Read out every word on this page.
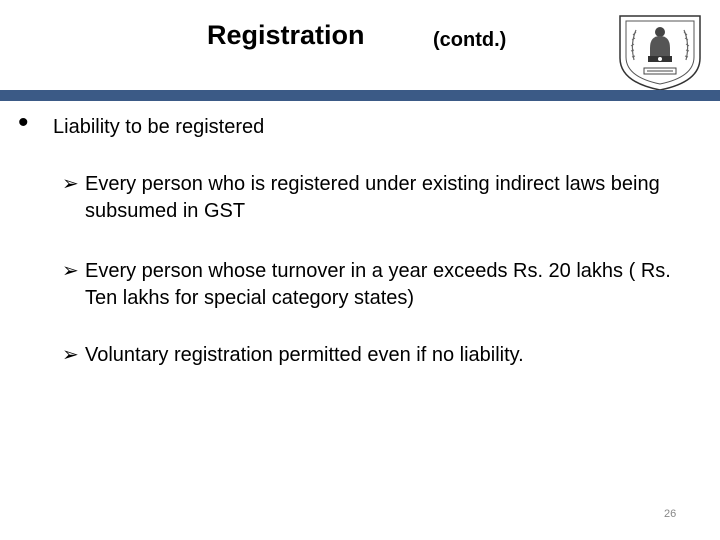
Registration	(contd.)
• Liability to be registered
➢ Every person who is registered under existing indirect laws being subsumed in GST
➢ Every person whose turnover in a year exceeds Rs. 20 lakhs ( Rs. Ten lakhs for special category states)
➢ Voluntary registration permitted even if no liability.
26
